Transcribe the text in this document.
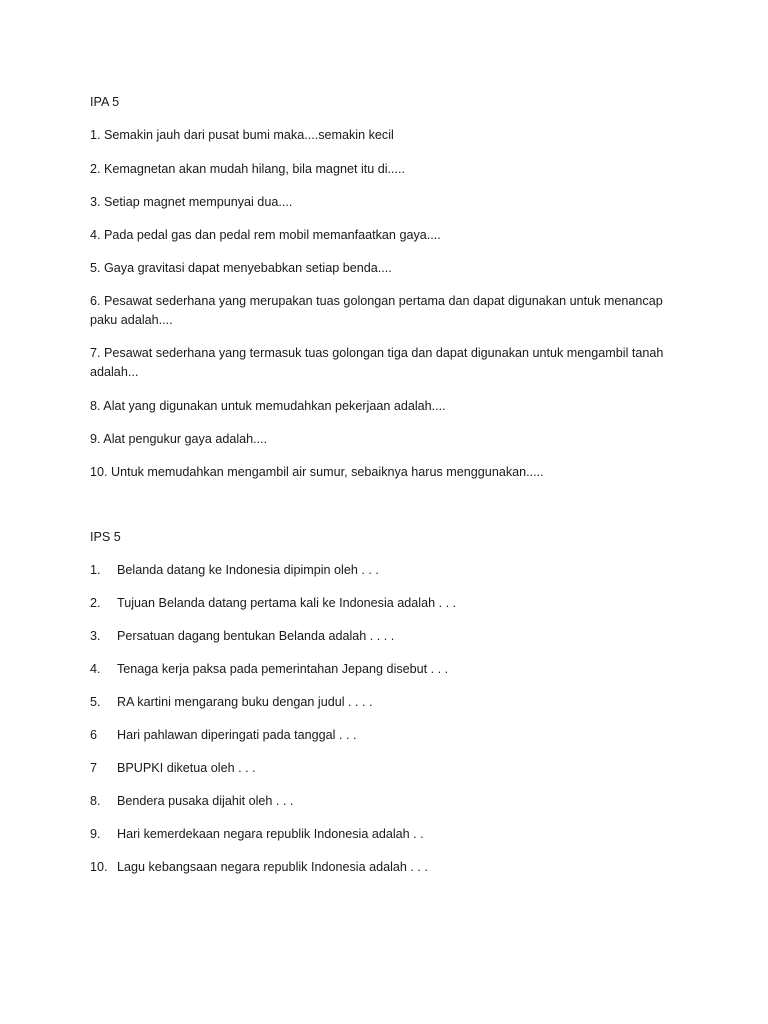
IPA 5
1. Semakin jauh dari pusat bumi maka....semakin kecil
2. Kemagnetan akan mudah hilang, bila magnet itu di.....
3. Setiap magnet mempunyai dua....
4. Pada pedal gas dan pedal rem mobil memanfaatkan gaya....
5. Gaya gravitasi dapat menyebabkan setiap benda....
6. Pesawat sederhana yang merupakan tuas golongan pertama dan dapat digunakan untuk menancap paku adalah....
7. Pesawat sederhana yang termasuk tuas golongan tiga dan dapat digunakan untuk mengambil tanah adalah...
8. Alat yang digunakan untuk memudahkan pekerjaan adalah....
9. Alat pengukur gaya adalah....
10. Untuk memudahkan mengambil air sumur, sebaiknya harus menggunakan.....
IPS 5
1. Belanda datang ke Indonesia dipimpin oleh . . .
2. Tujuan Belanda datang pertama kali ke Indonesia adalah . . .
3. Persatuan dagang bentukan Belanda adalah . . . .
4. Tenaga kerja paksa pada pemerintahan Jepang disebut . . .
5. RA kartini mengarang buku dengan judul . . . .
6 Hari pahlawan diperingati pada tanggal . . .
7 BPUPKI diketua oleh . . .
8. Bendera pusaka dijahit oleh . . .
9. Hari kemerdekaan negara republik Indonesia adalah . .
10. Lagu kebangsaan negara republik Indonesia adalah . . .
